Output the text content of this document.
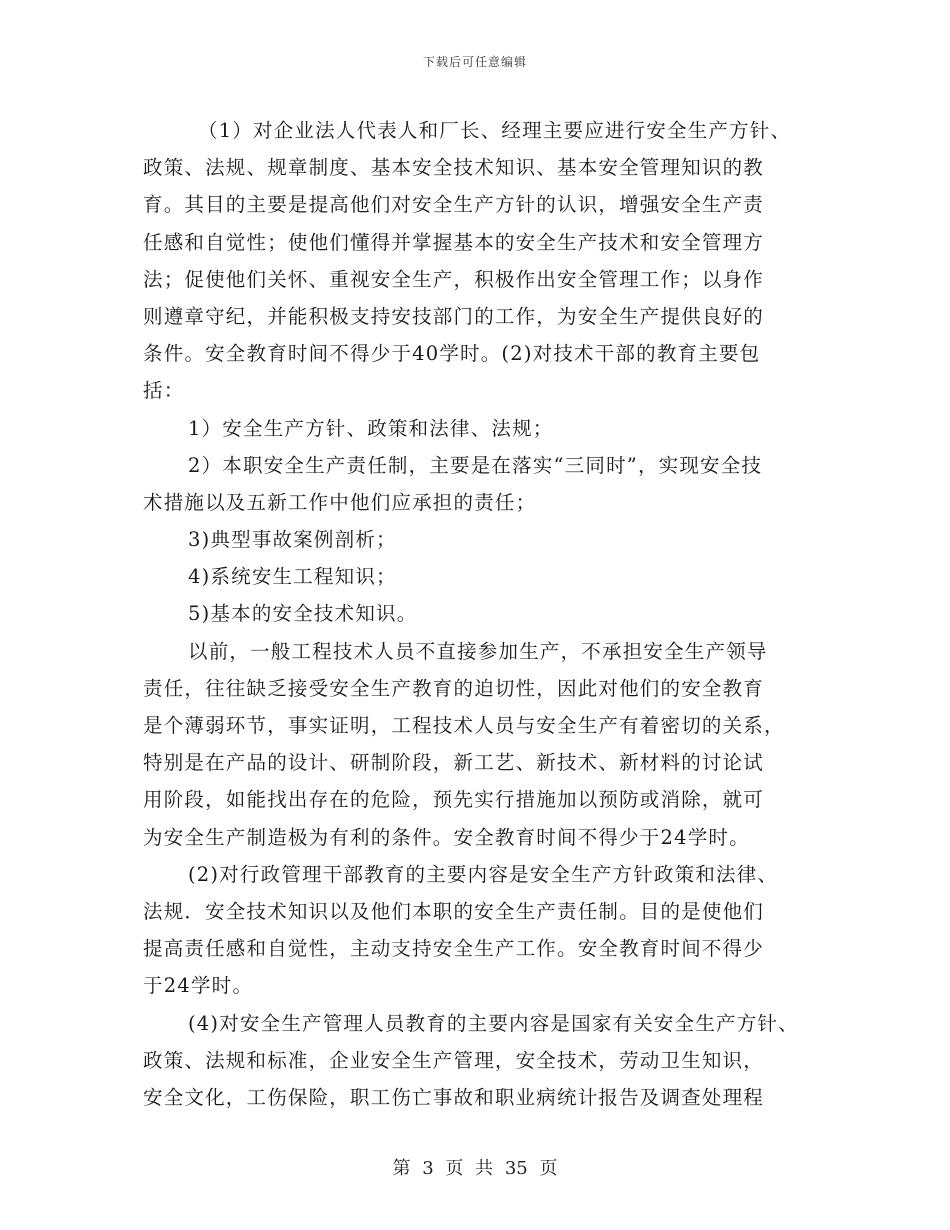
下载后可任意编辑
（1）对企业法人代表人和厂长、经理主要应进行安全生产方针、
政策、法规、规章制度、基本安全技术知识、基本安全管理知识的教
育。其目的主要是提高他们对安全生产方针的认识，增强安全生产责
任感和自觉性；使他们懂得并掌握基本的安全生产技术和安全管理方
法；促使他们关怀、重视安全生产，积极作出安全管理工作；以身作
则遵章守纪，并能积极支持安技部门的工作，为安全生产提供良好的
条件。安全教育时间不得少于40学时。(2)对技术干部的教育主要包
括：
1）安全生产方针、政策和法律、法规；
2）本职安全生产责任制，主要是在落实“三同时”，实现安全技
术措施以及五新工作中他们应承担的责任；
3)典型事故案例剖析；
4)系统安生工程知识；
5)基本的安全技术知识。
以前，一般工程技术人员不直接参加生产，不承担安全生产领导
责任，往往缺乏接受安全生产教育的迫切性，因此对他们的安全教育
是个薄弱环节，事实证明，工程技术人员与安全生产有着密切的关系，
特别是在产品的设计、研制阶段，新工艺、新技术、新材料的讨论试
用阶段，如能找出存在的危险，预先实行措施加以预防或消除，就可
为安全生产制造极为有利的条件。安全教育时间不得少于24学时。
(2)对行政管理干部教育的主要内容是安全生产方针政策和法律、
法规．安全技术知识以及他们本职的安全生产责任制。目的是使他们
提高责任感和自觉性，主动支持安全生产工作。安全教育时间不得少
于24学时。
(4)对安全生产管理人员教育的主要内容是国家有关安全生产方针、
政策、法规和标准，企业安全生产管理，安全技术，劳动卫生知识，
安全文化，工伤保险，职工伤亡事故和职业病统计报告及调查处理程
第 3 页 共 35 页
